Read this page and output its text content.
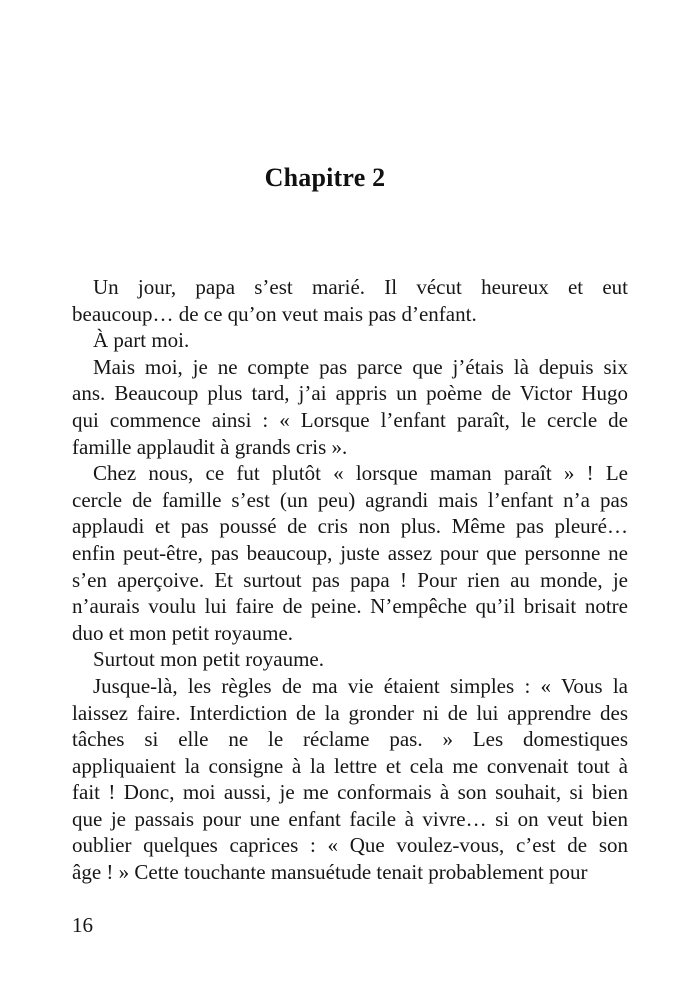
Chapitre 2
Un jour, papa s’est marié. Il vécut heureux et eut
beaucoup… de ce qu’on veut mais pas d’enfant.
À part moi.
Mais moi, je ne compte pas parce que j’étais là depuis six
ans. Beaucoup plus tard, j’ai appris un poème de Victor Hugo
qui commence ainsi : « Lorsque l’enfant paraît, le cercle de
famille applaudit à grands cris ».
Chez nous, ce fut plutôt « lorsque maman paraît » ! Le
cercle de famille s’est (un peu) agrandi mais l’enfant n’a pas
applaudi et pas poussé de cris non plus. Même pas pleuré…
enfin peut-être, pas beaucoup, juste assez pour que personne ne
s’en aperçoive. Et surtout pas papa ! Pour rien au monde, je
n’aurais voulu lui faire de peine. N’empêche qu’il brisait notre
duo et mon petit royaume.
Surtout mon petit royaume.
Jusque-là, les règles de ma vie étaient simples : « Vous la
laissez faire. Interdiction de la gronder ni de lui apprendre des
tâches si elle ne le réclame pas. » Les domestiques
appliquaient la consigne à la lettre et cela me convenait tout à
fait ! Donc, moi aussi, je me conformais à son souhait, si bien
que je passais pour une enfant facile à vivre… si on veut bien
oublier quelques caprices : « Que voulez-vous, c’est de son
âge ! » Cette touchante mansuétude tenait probablement pour
16
